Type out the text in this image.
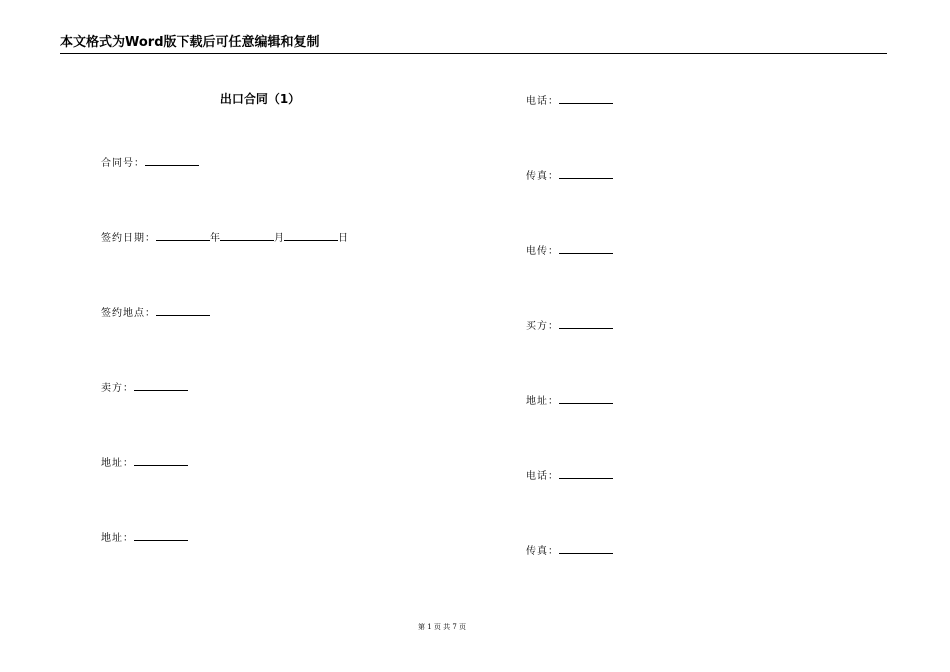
本文格式为Word版下载后可任意编辑和复制
出口合同（1）
合同号：
签约日期：	年	月	日
签约地点：
卖方：
地址：
地址：
电话：
传真：
电传：
买方：
地址：
电话：
传真：
第 1 页 共 7 页
